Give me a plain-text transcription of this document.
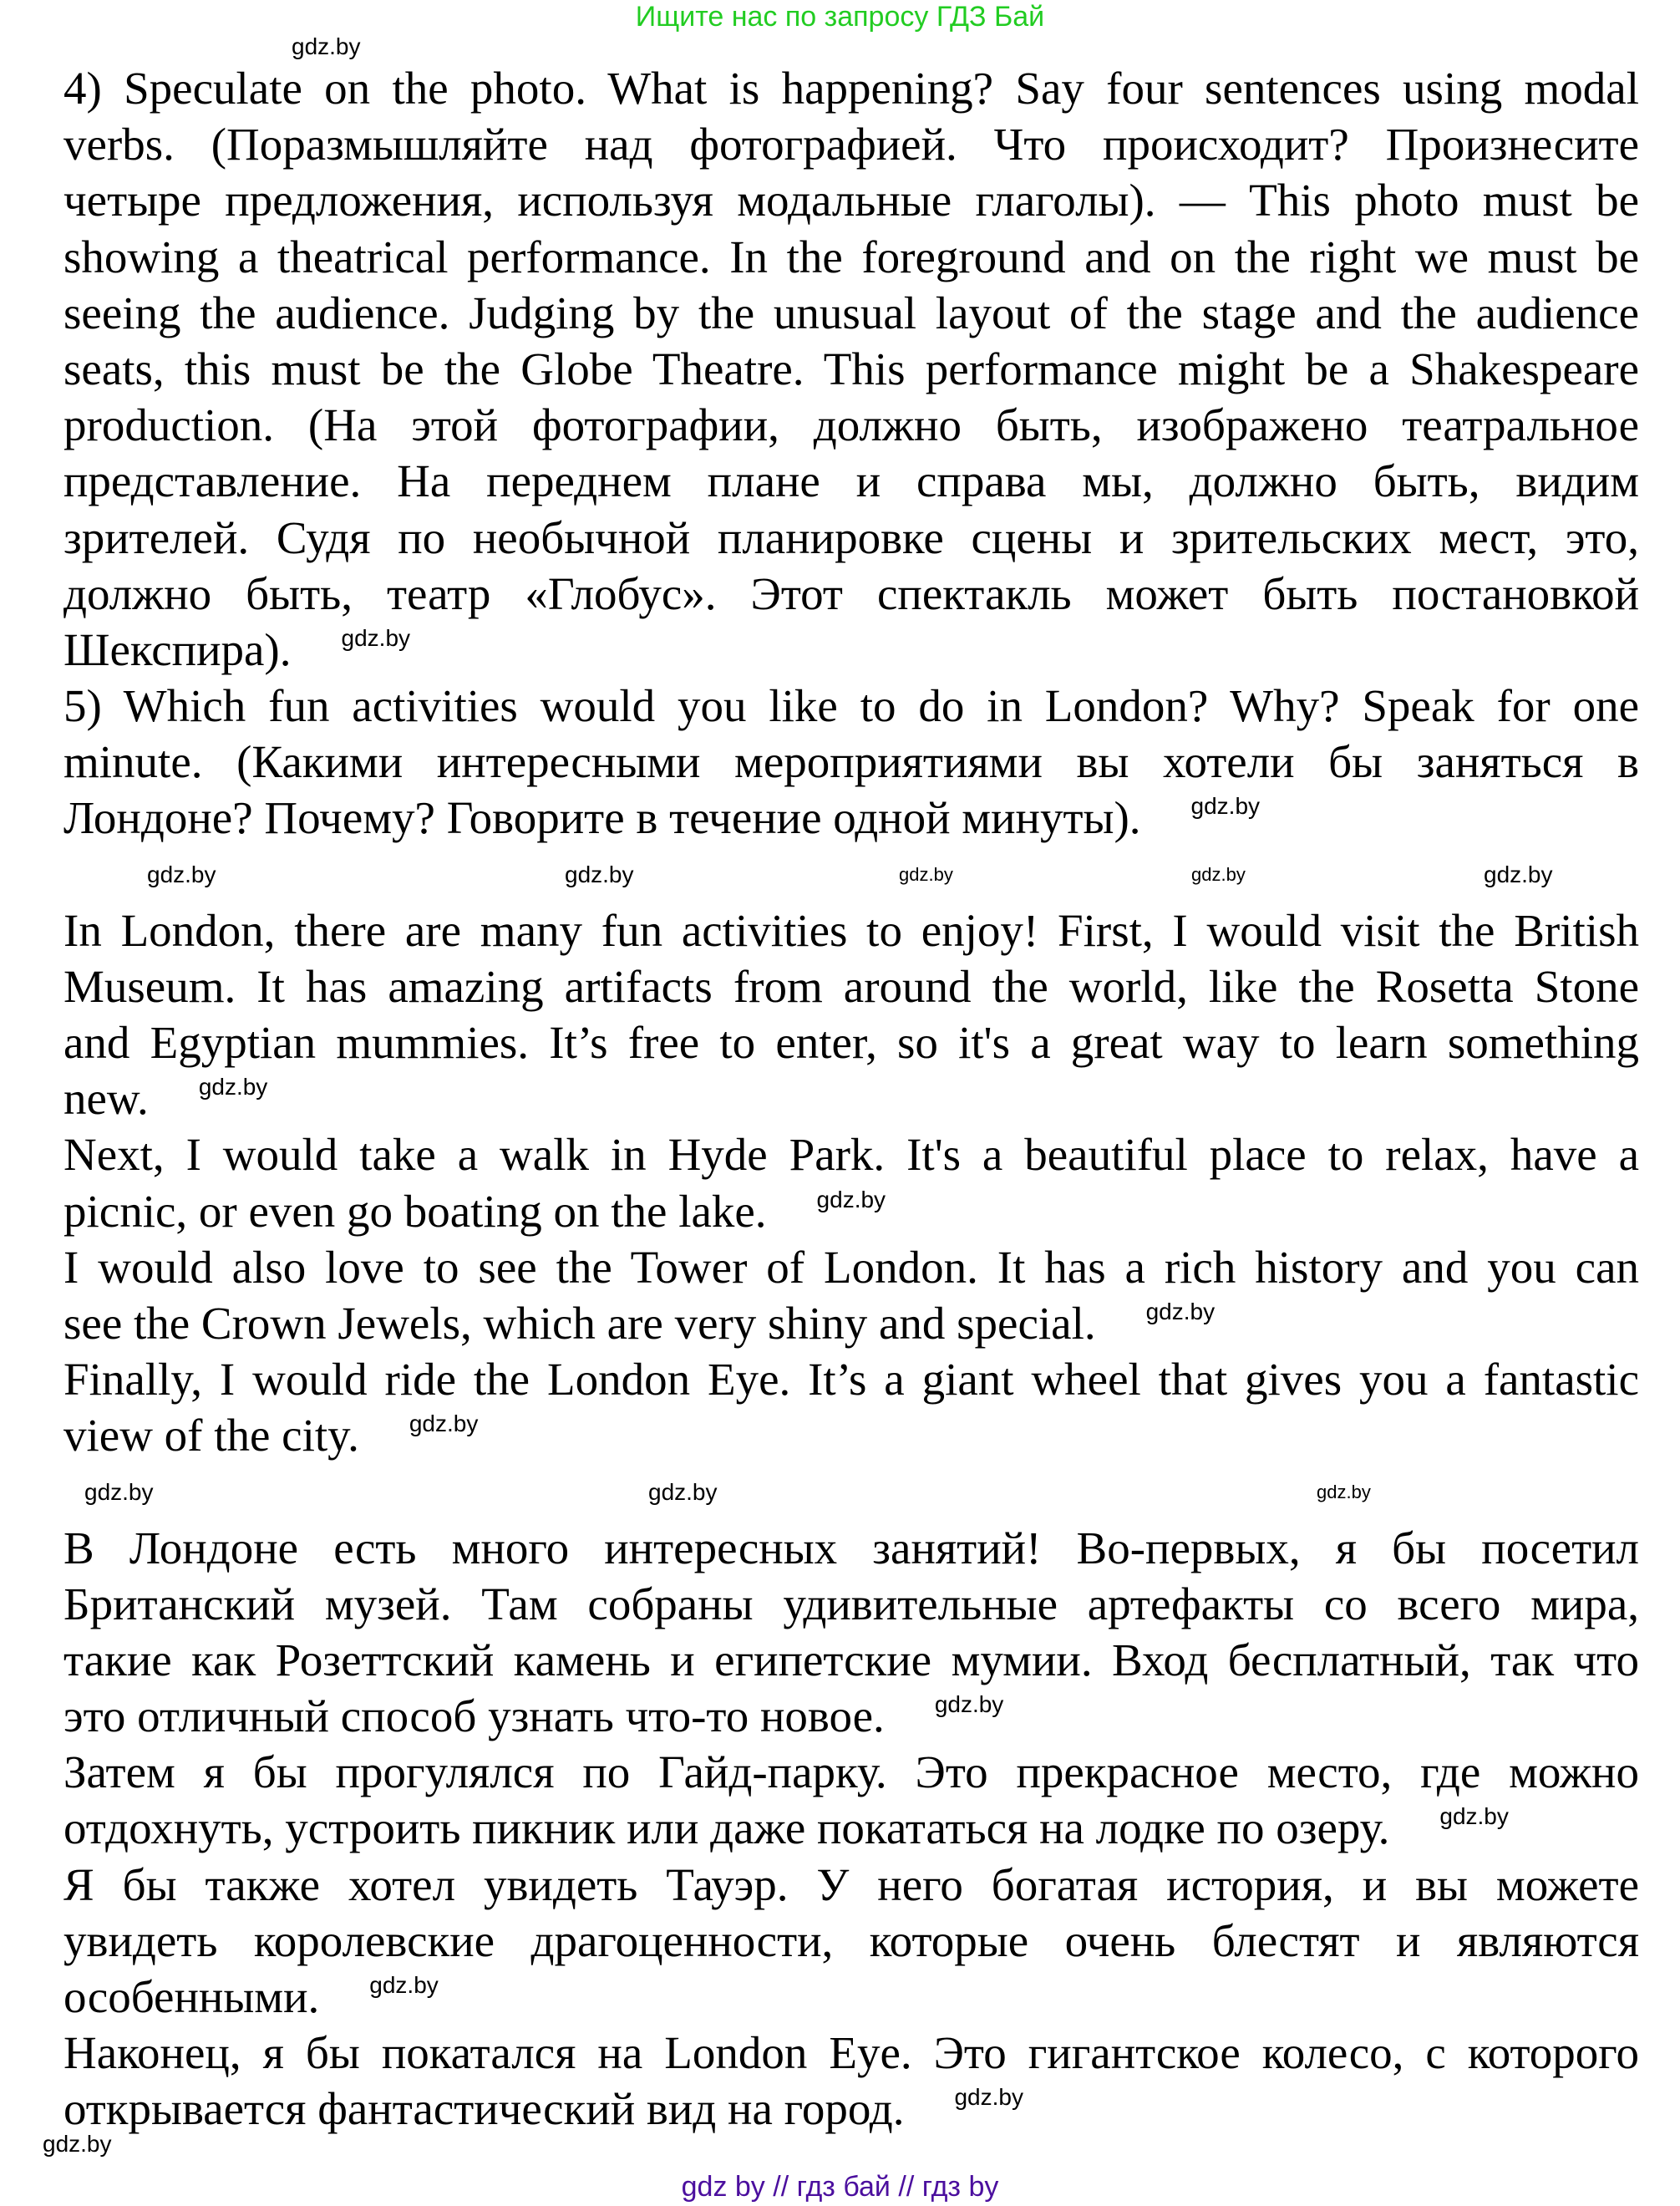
Ищите нас по запросу ГДЗ Бай
4) Speculate on the photo. What is happening? Say four sentences using modal
verbs. (Поразмышляйте над фотографией. Что происходит? Произнесите
четыре предложения, используя модальные глаголы). — This photo must be
showing a theatrical performance. In the foreground and on the right we must be
seeing the audience. Judging by the unusual layout of the stage and the audience
seats, this must be the Globe Theatre. This performance might be a Shakespeare
production. (На этой фотографии, должно быть, изображено театральное
представление. На переднем плане и справа мы, должно быть, видим
зрителей. Судя по необычной планировке сцены и зрительских мест, это,
должно быть, театр «Глобус». Этот спектакль может быть постановкой
Шекспира). gdz.by
5) Which fun activities would you like to do in London? Why? Speak for one
minute. (Какими интересными мероприятиями вы хотели бы заняться в
Лондоне? Почему? Говорите в течение одной минуты). gdz.by
gdz.by	gdz.by	gdz.by	gdz.by	gdz.by
In London, there are many fun activities to enjoy! First, I would visit the British
Museum. It has amazing artifacts from around the world, like the Rosetta Stone
and Egyptian mummies. It’s free to enter, so it's a great way to learn something
new. gdz.by
Next, I would take a walk in Hyde Park. It's a beautiful place to relax, have a
picnic, or even go boating on the lake. gdz.by
I would also love to see the Tower of London. It has a rich history and you can
see the Crown Jewels, which are very shiny and special. gdz.by
Finally, I would ride the London Eye. It’s a giant wheel that gives you a fantastic
view of the city. gdz.by
gdz.by	gdz.by	gdz.by
В Лондоне есть много интересных занятий! Во-первых, я бы посетил
Британский музей. Там собраны удивительные артефакты со всего мира,
такие как Розеттский камень и египетские мумии. Вход бесплатный, так что
это отличный способ узнать что-то новое. gdz.by
Затем я бы прогулялся по Гайд-парку. Это прекрасное место, где можно
отдохнуть, устроить пикник или даже покататься на лодке по озеру. gdz.by
Я бы также хотел увидеть Тауэр. У него богатая история, и вы можете
увидеть королевские драгоценности, которые очень блестят и являются
особенными. gdz.by
Наконец, я бы покатался на London Eye. Это гигантское колесо, с которого
открывается фантастический вид на город. gdz.by
gdz.by
gdz.by
gdz by // гдз бай // гдз by
